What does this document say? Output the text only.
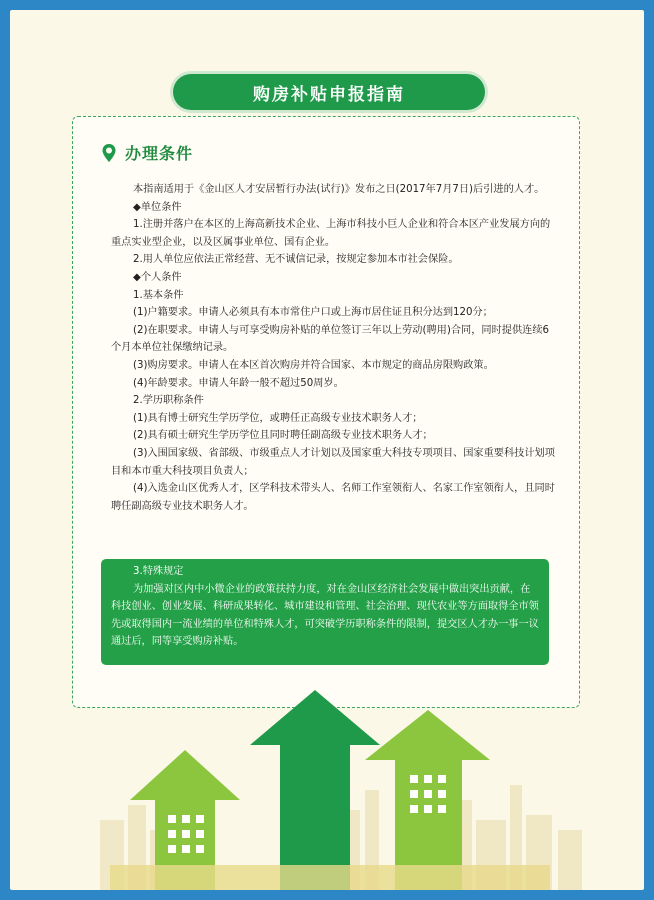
购房补贴申报指南
办理条件

本指南适用于《金山区人才安居暂行办法(试行)》发布之日(2017年7月7日)后引进的人才。

◆单位条件

1.注册并落户在本区的上海高新技术企业、上海市科技小巨人企业和符合本区产业发展方向的重点实业型企业，以及区属事业单位、国有企业。

2.用人单位应依法正常经营、无不诚信记录，按规定参加本市社会保险。

◆个人条件

1.基本条件

(1)户籍要求。申请人必须具有本市常住户口或上海市居住证且积分达到120分；

(2)在职要求。申请人与可享受购房补贴的单位签订三年以上劳动(聘用)合同，同时提供连续6个月本单位社保缴纳记录。

(3)购房要求。申请人在本区首次购房并符合国家、本市规定的商品房限购政策。

(4)年龄要求。申请人年龄一般不超过50周岁。

2.学历职称条件

(1)具有博士研究生学历学位，或聘任正高级专业技术职务人才；

(2)具有硕士研究生学历学位且同时聘任副高级专业技术职务人才；

(3)入围国家级、省部级、市级重点人才计划以及国家重大科技专项项目、国家重要科技计划项目和本市重大科技项目负责人；

(4)入选金山区优秀人才，区学科技术带头人、名师工作室领衔人、名家工作室领衔人，且同时聘任副高级专业技术职务人才。

3.特殊规定

为加强对区内中小微企业的政策扶持力度，对在金山区经济社会发展中做出突出贡献，在科技创业、创业发展、科研成果转化、城市建设和管理、社会治理、现代农业等方面取得全市领先或取得国内一流业绩的单位和特殊人才，可突破学历职称条件的限制，提交区人才办一事一议通过后，同等享受购房补贴。
